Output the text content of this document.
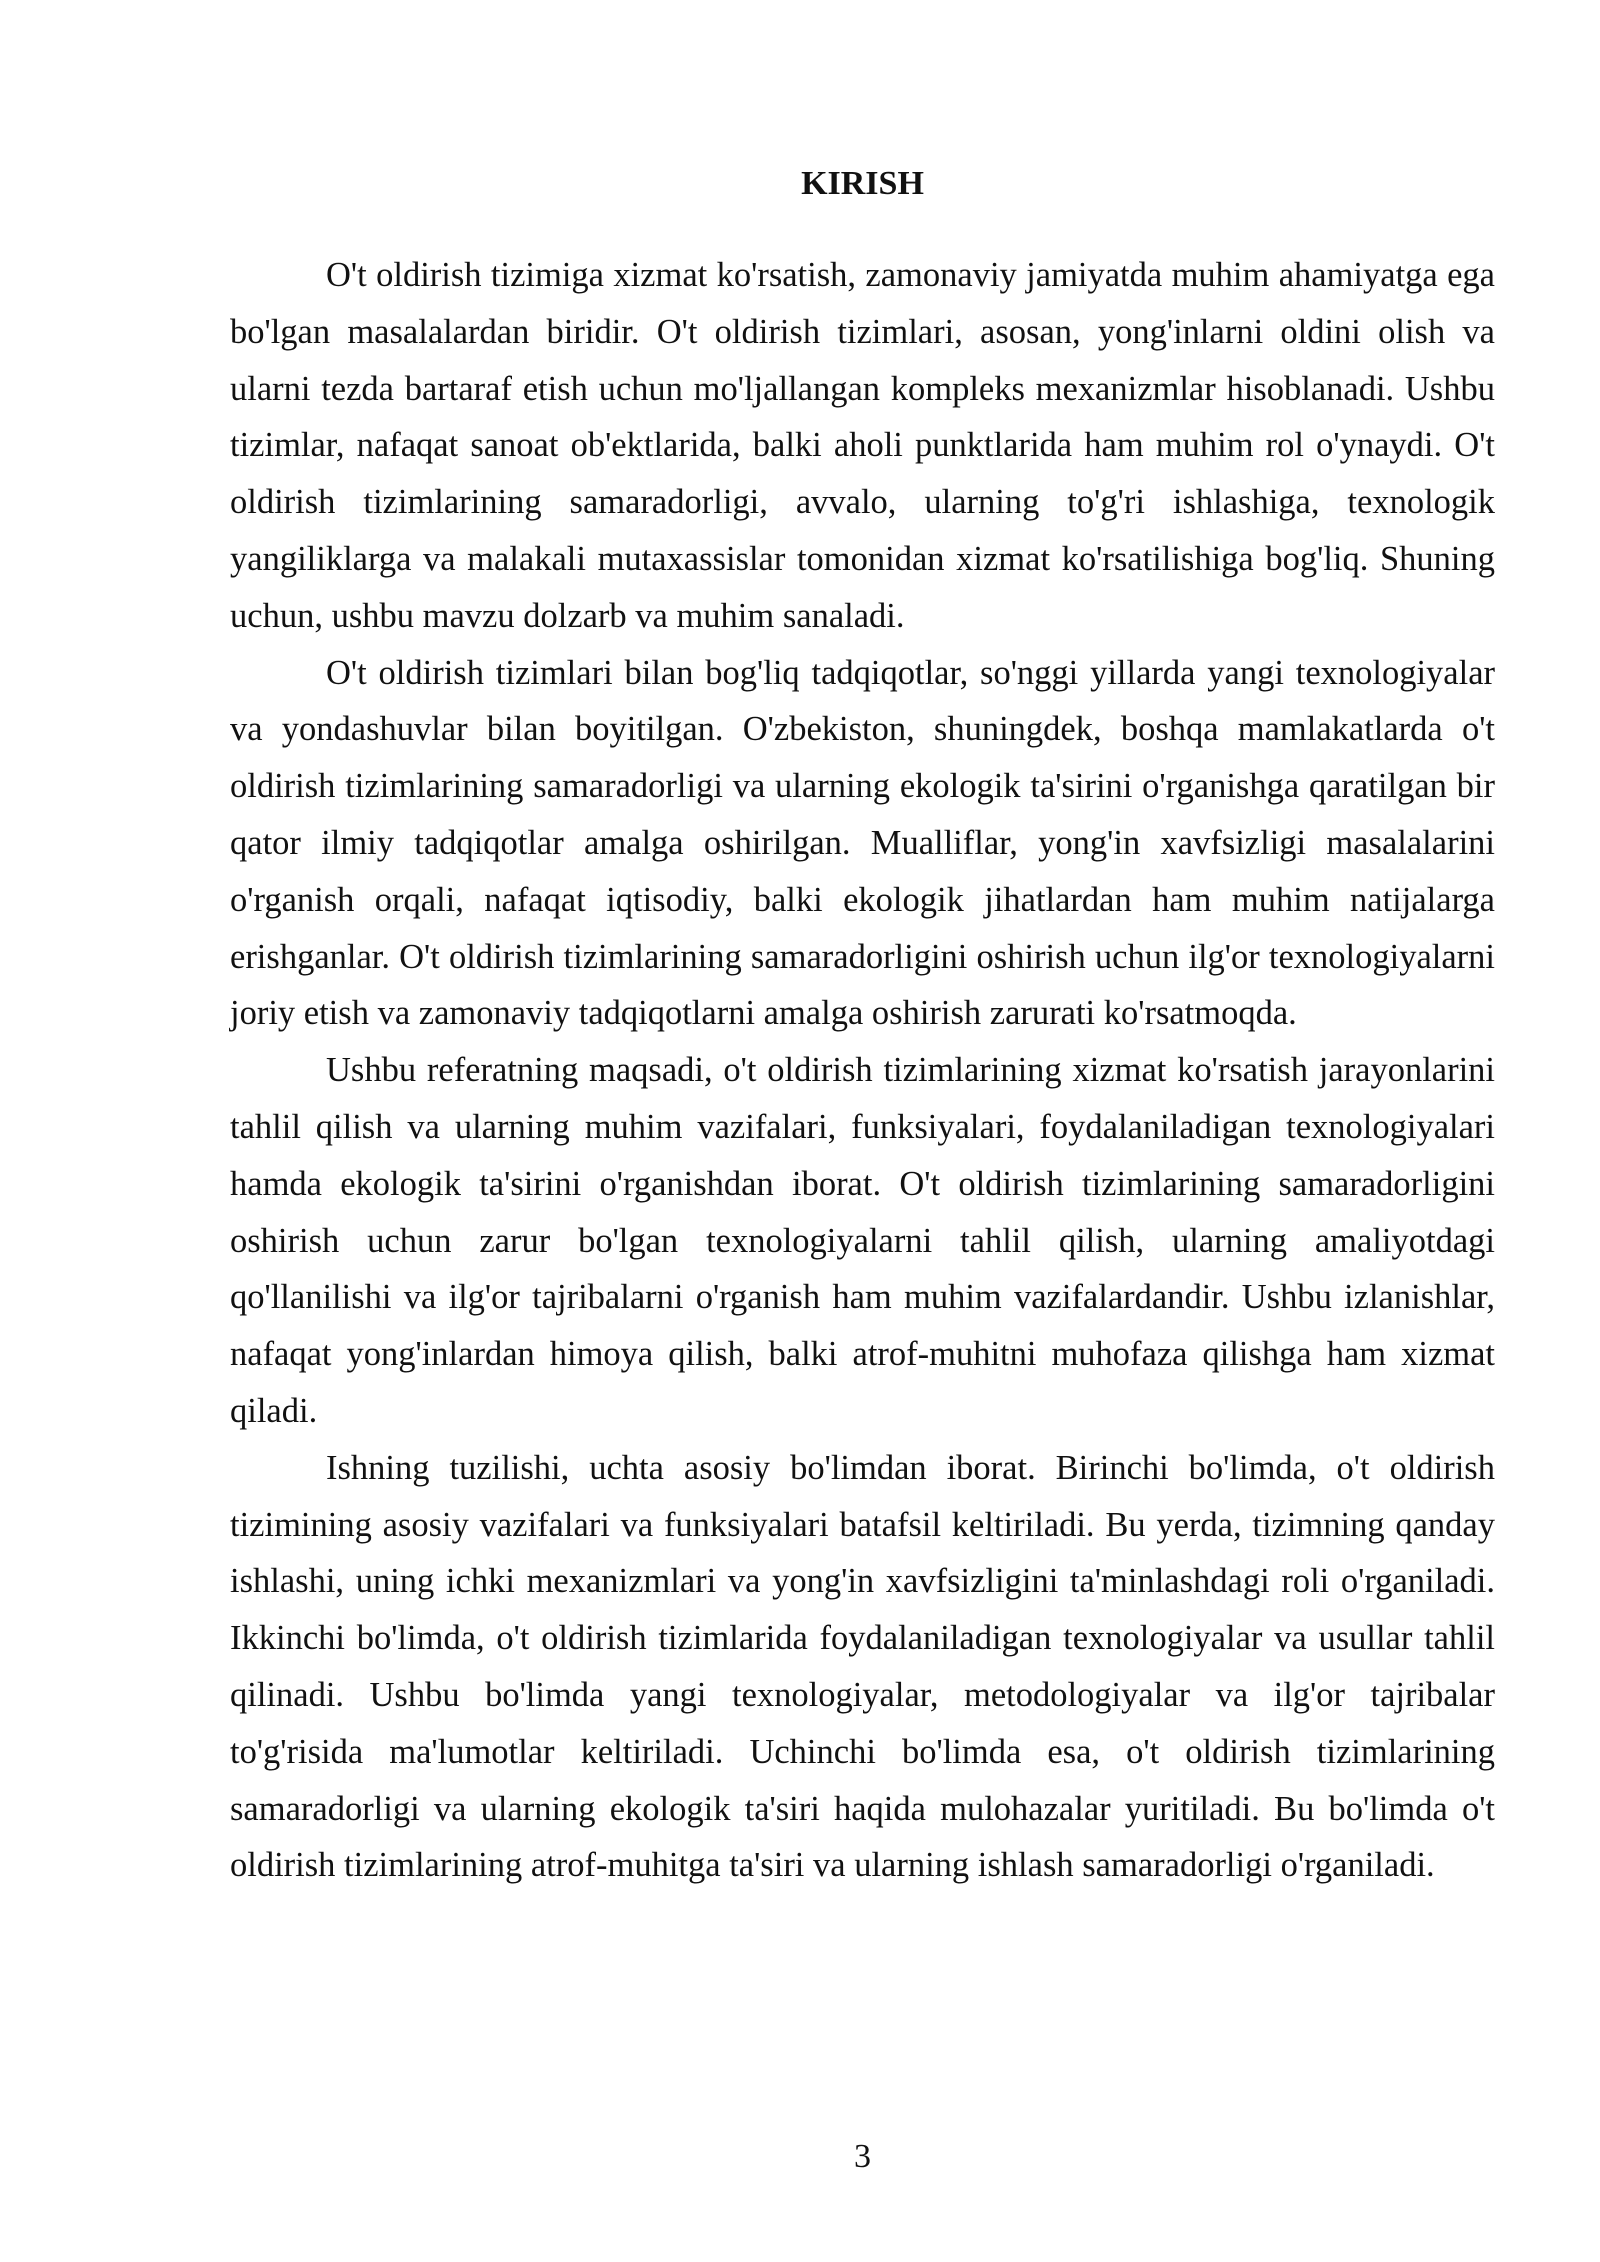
KIRISH

O't oldirish tizimiga xizmat ko'rsatish, zamonaviy jamiyatda muhim ahamiyatga ega bo'lgan masalalardan biridir. O't oldirish tizimlari, asosan, yong'inlarni oldini olish va ularni tezda bartaraf etish uchun mo'ljallangan kompleks mexanizmlar hisoblanadi. Ushbu tizimlar, nafaqat sanoat ob'ektlarida, balki aholi punktlarida ham muhim rol o'ynaydi. O't oldirish tizimlarining samaradorligi, avvalo, ularning to'g'ri ishlashiga, texnologik yangiliklarga va malakali mutaxassislar tomonidan xizmat ko'rsatilishiga bog'liq. Shuning uchun, ushbu mavzu dolzarb va muhim sanaladi.

O't oldirish tizimlari bilan bog'liq tadqiqotlar, so'nggi yillarda yangi texnologiyalar va yondashuvlar bilan boyitilgan. O'zbekiston, shuningdek, boshqa mamlakatlarda o't oldirish tizimlarining samaradorligi va ularning ekologik ta'sirini o'rganishga qaratilgan bir qator ilmiy tadqiqotlar amalga oshirilgan. Mualliflar, yong'in xavfsizligi masalalarini o'rganish orqali, nafaqat iqtisodiy, balki ekologik jihatlardan ham muhim natijalarga erishganlar. O't oldirish tizimlarining samaradorligini oshirish uchun ilg'or texnologiyalarni joriy etish va zamonaviy tadqiqotlarni amalga oshirish zarurati ko'rsatmoqda.

Ushbu referatning maqsadi, o't oldirish tizimlarining xizmat ko'rsatish jarayonlarini tahlil qilish va ularning muhim vazifalari, funksiyalari, foydalaniladigan texnologiyalari hamda ekologik ta'sirini o'rganishdan iborat. O't oldirish tizimlarining samaradorligini oshirish uchun zarur bo'lgan texnologiyalarni tahlil qilish, ularning amaliyotdagi qo'llanilishi va ilg'or tajribalarni o'rganish ham muhim vazifalardandir. Ushbu izlanishlar, nafaqat yong'inlardan himoya qilish, balki atrof-muhitni muhofaza qilishga ham xizmat qiladi.

Ishning tuzilishi, uchta asosiy bo'limdan iborat. Birinchi bo'limda, o't oldirish tizimining asosiy vazifalari va funksiyalari batafsil keltiriladi. Bu yerda, tizimning qanday ishlashi, uning ichki mexanizmlari va yong'in xavfsizligini ta'minlashdagi roli o'rganiladi. Ikkinchi bo'limda, o't oldirish tizimlarida foydalaniladigan texnologiyalar va usullar tahlil qilinadi. Ushbu bo'limda yangi texnologiyalar, metodologiyalar va ilg'or tajribalar to'g'risida ma'lumotlar keltiriladi. Uchinchi bo'limda esa, o't oldirish tizimlarining samaradorligi va ularning ekologik ta'siri haqida mulohazalar yuritiladi. Bu bo'limda o't oldirish tizimlarining atrof-muhitga ta'siri va ularning ishlash samaradorligi o'rganiladi.

3
